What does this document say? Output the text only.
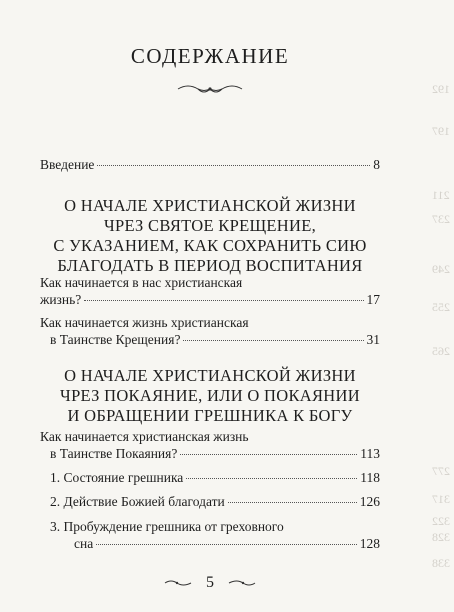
192
197
211
237
249
255
265
277
317
322
328
338
СОДЕРЖАНИЕ
Введение	8
О НАЧАЛЕ ХРИСТИАНСКОЙ ЖИЗНИ
ЧРЕЗ СВЯТОЕ КРЕЩЕНИЕ,
С УКАЗАНИЕМ, КАК СОХРАНИТЬ СИЮ
БЛАГОДАТЬ В ПЕРИОД ВОСПИТАНИЯ
Как начинается в нас христианская
жизнь?	17
Как начинается жизнь христианская
в Таинстве Крещения?	31
О НАЧАЛЕ ХРИСТИАНСКОЙ ЖИЗНИ
ЧРЕЗ ПОКАЯНИЕ, ИЛИ О ПОКАЯНИИ
И ОБРАЩЕНИИ ГРЕШНИКА К БОГУ
Как начинается христианская жизнь
в Таинстве Покаяния?	113
1. Состояние грешника	118
2. Действие Божией благодати	126
3. Пробуждение грешника от греховного
сна	128
5
